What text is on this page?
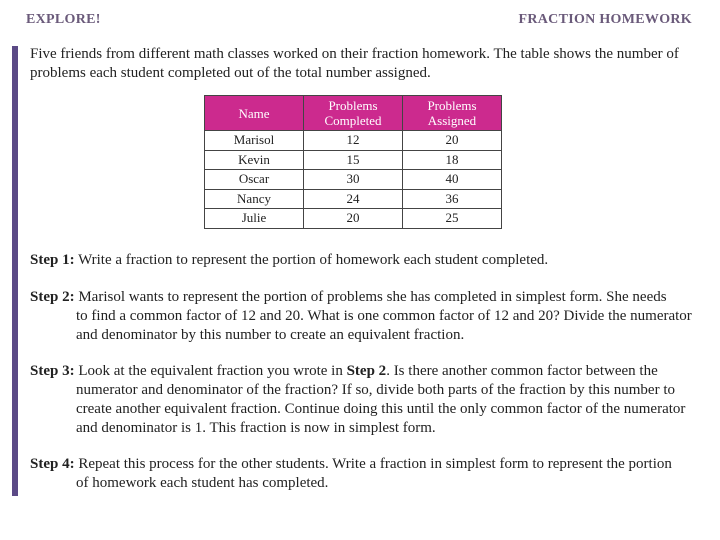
EXPLORE!	FRACTION HOMEWORK
Five friends from different math classes worked on their fraction homework. The table shows the number of problems each student completed out of the total number assigned.
Name	Problems Completed	Problems Assigned
Marisol	12	20
Kevin	15	18
Oscar	30	40
Nancy	24	36
Julie	20	25
Step 1: Write a fraction to represent the portion of homework each student completed.
Step 2: Marisol wants to represent the portion of problems she has completed in simplest form. She needs
to find a common factor of 12 and 20. What is one common factor of 12 and 20? Divide the numerator and denominator by this number to create an equivalent fraction.
Step 3: Look at the equivalent fraction you wrote in Step 2. Is there another common factor between the
numerator and denominator of the fraction? If so, divide both parts of the fraction by this number to create another equivalent fraction. Continue doing this until the only common factor of the numerator and denominator is 1. This fraction is now in simplest form.
Step 4: Repeat this process for the other students. Write a fraction in simplest form to represent the portion
of homework each student has completed.
